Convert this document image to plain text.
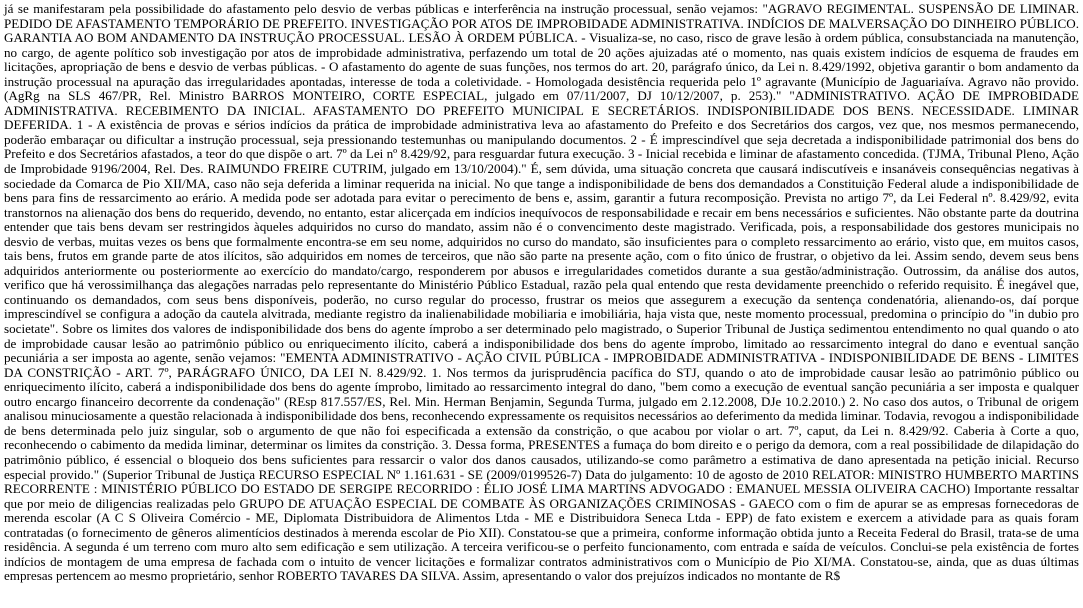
já se manifestaram pela possibilidade do afastamento pelo desvio de verbas públicas e interferência na instrução processual, senão vejamos: "AGRAVO REGIMENTAL. SUSPENSÃO DE LIMINAR. PEDIDO DE AFASTAMENTO TEMPORÁRIO DE PREFEITO. INVESTIGAÇÃO POR ATOS DE IMPROBIDADE ADMINISTRATIVA. INDÍCIOS DE MALVERSAÇÃO DO DINHEIRO PÚBLICO. GARANTIA AO BOM ANDAMENTO DA INSTRUÇÃO PROCESSUAL. LESÃO À ORDEM PÚBLICA. - Visualiza-se, no caso, risco de grave lesão à ordem pública, consubstanciada na manutenção, no cargo, de agente político sob investigação por atos de improbidade administrativa, perfazendo um total de 20 ações ajuizadas até o momento, nas quais existem indícios de esquema de fraudes em licitações, apropriação de bens e desvio de verbas públicas. - O afastamento do agente de suas funções, nos termos do art. 20, parágrafo único, da Lei n. 8.429/1992, objetiva garantir o bom andamento da instrução processual na apuração das irregularidades apontadas, interesse de toda a coletividade. - Homologada desistência requerida pelo 1º agravante (Município de Jaguariaíva. Agravo não provido. (AgRg na SLS 467/PR, Rel. Ministro BARROS MONTEIRO, CORTE ESPECIAL, julgado em 07/11/2007, DJ 10/12/2007, p. 253)." "ADMINISTRATIVO. AÇÃO DE IMPROBIDADE ADMINISTRATIVA. RECEBIMENTO DA INICIAL. AFASTAMENTO DO PREFEITO MUNICIPAL E SECRETÁRIOS. INDISPONIBILIDADE DOS BENS. NECESSIDADE. LIMINAR DEFERIDA. 1 - A existência de provas e sérios indícios da prática de improbidade administrativa leva ao afastamento do Prefeito e dos Secretários dos cargos, vez que, nos mesmos permanecendo, poderão embaraçar ou dificultar a instrução processual, seja pressionando testemunhas ou manipulando documentos. 2 - É imprescindível que seja decretada a indisponibilidade patrimonial dos bens do Prefeito e dos Secretários afastados, a teor do que dispõe o art. 7º da Lei nº 8.429/92, para resguardar futura execução. 3 - Inicial recebida e liminar de afastamento concedida. (TJMA, Tribunal Pleno, Ação de Improbidade 9196/2004, Rel. Des. RAIMUNDO FREIRE CUTRIM, julgado em 13/10/2004)." É, sem dúvida, uma situação concreta que causará indiscutíveis e insanáveis consequências negativas à sociedade da Comarca de Pio XII/MA, caso não seja deferida a liminar requerida na inicial. No que tange a indisponibilidade de bens dos demandados a Constituição Federal alude a indisponibilidade de bens para fins de ressarcimento ao erário. A medida pode ser adotada para evitar o perecimento de bens e, assim, garantir a futura recomposição. Prevista no artigo 7º, da Lei Federal nº. 8.429/92, evita transtornos na alienação dos bens do requerido, devendo, no entanto, estar alicerçada em indícios inequívocos de responsabilidade e recair em bens necessários e suficientes. Não obstante parte da doutrina entender que tais bens devam ser restringidos àqueles adquiridos no curso do mandato, assim não é o convencimento deste magistrado. Verificada, pois, a responsabilidade dos gestores municipais no desvio de verbas, muitas vezes os bens que formalmente encontra-se em seu nome, adquiridos no curso do mandato, são insuficientes para o completo ressarcimento ao erário, visto que, em muitos casos, tais bens, frutos em grande parte de atos ilícitos, são adquiridos em nomes de terceiros, que não são parte na presente ação, com o fito único de frustrar, o objetivo da lei. Assim sendo, devem seus bens adquiridos anteriormente ou posteriormente ao exercício do mandato/cargo, responderem por abusos e irregularidades cometidos durante a sua gestão/administração. Outrossim, da análise dos autos, verifico que há verossimilhança das alegações narradas pelo representante do Ministério Público Estadual, razão pela qual entendo que resta devidamente preenchido o referido requisito. É inegável que, continuando os demandados, com seus bens disponíveis, poderão, no curso regular do processo, frustrar os meios que assegurem a execução da sentença condenatória, alienando-os, daí porque imprescindível se configura a adoção da cautela alvitrada, mediante registro da inalienabilidade mobiliaria e imobiliária, haja vista que, neste momento processual, predomina o princípio do "in dubio pro societate". Sobre os limites dos valores de indisponibilidade dos bens do agente ímprobo a ser determinado pelo magistrado, o Superior Tribunal de Justiça sedimentou entendimento no qual quando o ato de improbidade causar lesão ao patrimônio público ou enriquecimento ilícito, caberá a indisponibilidade dos bens do agente ímprobo, limitado ao ressarcimento integral do dano e eventual sanção pecuniária a ser imposta ao agente, senão vejamos: "EMENTA ADMINISTRATIVO - AÇÃO CIVIL PÚBLICA - IMPROBIDADE ADMINISTRATIVA - INDISPONIBILIDADE DE BENS - LIMITES DA CONSTRIÇÃO - ART. 7º, PARÁGRAFO ÚNICO, DA LEI N. 8.429/92. 1. Nos termos da jurisprudência pacífica do STJ, quando o ato de improbidade causar lesão ao patrimônio público ou enriquecimento ilícito, caberá a indisponibilidade dos bens do agente ímprobo, limitado ao ressarcimento integral do dano, "bem como a execução de eventual sanção pecuniária a ser imposta e qualquer outro encargo financeiro decorrente da condenação" (REsp 817.557/ES, Rel. Min. Herman Benjamin, Segunda Turma, julgado em 2.12.2008, DJe 10.2.2010.) 2. No caso dos autos, o Tribunal de origem analisou minuciosamente a questão relacionada à indisponibilidade dos bens, reconhecendo expressamente os requisitos necessários ao deferimento da medida liminar. Todavia, revogou a indisponibilidade de bens determinada pelo juiz singular, sob o argumento de que não foi especificada a extensão da constrição, o que acabou por violar o art. 7º, caput, da Lei n. 8.429/92. Caberia à Corte a quo, reconhecendo o cabimento da medida liminar, determinar os limites da constrição. 3. Dessa forma, PRESENTES a fumaça do bom direito e o perigo da demora, com a real possibilidade de dilapidação do patrimônio público, é essencial o bloqueio dos bens suficientes para ressarcir o valor dos danos causados, utilizando-se como parâmetro a estimativa de dano apresentada na petição inicial. Recurso especial provido." (Superior Tribunal de Justiça RECURSO ESPECIAL Nº 1.161.631 - SE (2009/0199526-7) Data do julgamento: 10 de agosto de 2010 RELATOR: MINISTRO HUMBERTO MARTINS RECORRENTE : MINISTÉRIO PÚBLICO DO ESTADO DE SERGIPE RECORRIDO : ÉLIO JOSÉ LIMA MARTINS ADVOGADO : EMANUEL MESSIA OLIVEIRA CACHO) Importante ressaltar que por meio de diligencias realizadas pelo GRUPO DE ATUAÇÃO ESPECIAL DE COMBATE ÀS ORGANIZAÇÕES CRIMINOSAS - GAECO com o fim de apurar se as empresas fornecedoras de merenda escolar (A C S Oliveira Comércio - ME, Diplomata Distribuidora de Alimentos Ltda - ME e Distribuidora Seneca Ltda - EPP) de fato existem e exercem a atividade para as quais foram contratadas (o fornecimento de gêneros alimentícios destinados à merenda escolar de Pio XII). Constatou-se que a primeira, conforme informação obtida junto a Receita Federal do Brasil, trata-se de uma residência. A segunda é um terreno com muro alto sem edificação e sem utilização. A terceira verificou-se o perfeito funcionamento, com entrada e saída de veículos. Conclui-se pela existência de fortes indícios de montagem de uma empresa de fachada com o intuito de vencer licitações e formalizar contratos administrativos com o Município de Pio XI/MA. Constatou-se, ainda, que as duas últimas empresas pertencem ao mesmo proprietário, senhor ROBERTO TAVARES DA SILVA. Assim, apresentando o valor dos prejuízos indicados no montante de R$
